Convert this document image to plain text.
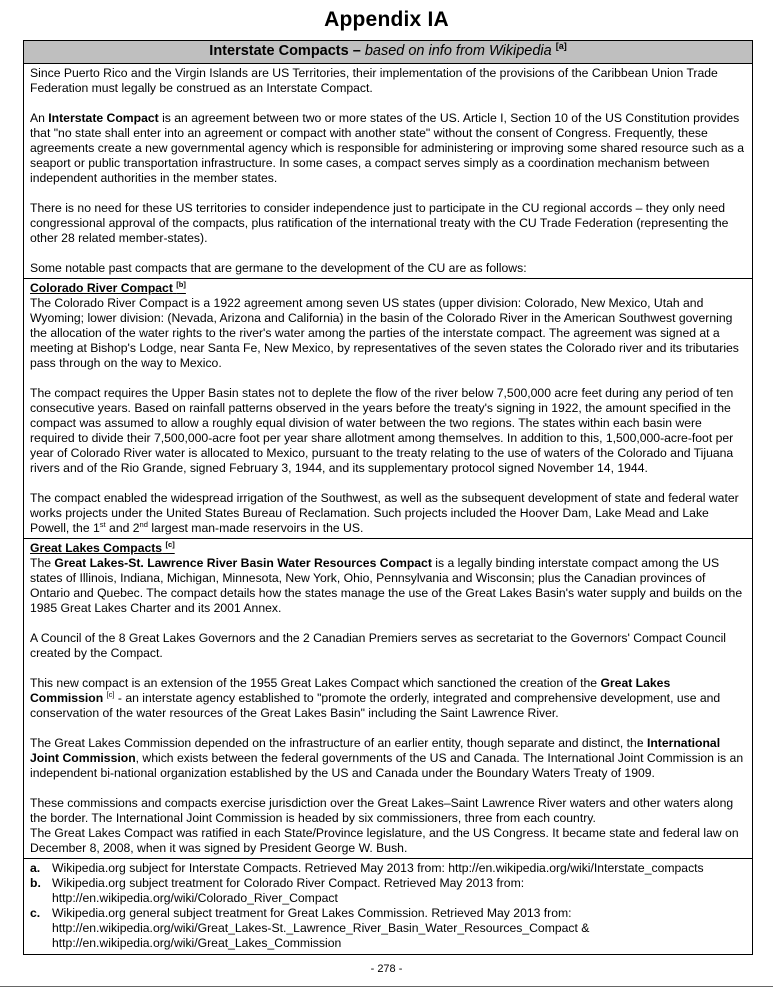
Appendix IA
Interstate Compacts – based on info from Wikipedia [a]

Since Puerto Rico and the Virgin Islands are US Territories, their implementation of the provisions of the Caribbean Union Trade Federation must legally be construed as an Interstate Compact.

An Interstate Compact is an agreement between two or more states of the US. Article I, Section 10 of the US Constitution provides that "no state shall enter into an agreement or compact with another state" without the consent of Congress. Frequently, these agreements create a new governmental agency which is responsible for administering or improving some shared resource such as a seaport or public transportation infrastructure. In some cases, a compact serves simply as a coordination mechanism between independent authorities in the member states.

There is no need for these US territories to consider independence just to participate in the CU regional accords – they only need congressional approval of the compacts, plus ratification of the international treaty with the CU Trade Federation (representing the other 28 related member-states).

Some notable past compacts that are germane to the development of the CU are as follows:

Colorado River Compact [b]

The Colorado River Compact is a 1922 agreement among seven US states (upper division: Colorado, New Mexico, Utah and Wyoming; lower division: (Nevada, Arizona and California) in the basin of the Colorado River in the American Southwest governing the allocation of the water rights to the river's water among the parties of the interstate compact. The agreement was signed at a meeting at Bishop's Lodge, near Santa Fe, New Mexico, by representatives of the seven states the Colorado river and its tributaries pass through on the way to Mexico.

The compact requires the Upper Basin states not to deplete the flow of the river below 7,500,000 acre feet during any period of ten consecutive years. Based on rainfall patterns observed in the years before the treaty's signing in 1922, the amount specified in the compact was assumed to allow a roughly equal division of water between the two regions. The states within each basin were required to divide their 7,500,000-acre foot per year share allotment among themselves. In addition to this, 1,500,000-acre-foot per year of Colorado River water is allocated to Mexico, pursuant to the treaty relating to the use of waters of the Colorado and Tijuana rivers and of the Rio Grande, signed February 3, 1944, and its supplementary protocol signed November 14, 1944.

The compact enabled the widespread irrigation of the Southwest, as well as the subsequent development of state and federal water works projects under the United States Bureau of Reclamation. Such projects included the Hoover Dam, Lake Mead and Lake Powell, the 1st and 2nd largest man-made reservoirs in the US.

Great Lakes Compacts [c]

The Great Lakes-St. Lawrence River Basin Water Resources Compact is a legally binding interstate compact among the US states of Illinois, Indiana, Michigan, Minnesota, New York, Ohio, Pennsylvania and Wisconsin; plus the Canadian provinces of Ontario and Quebec. The compact details how the states manage the use of the Great Lakes Basin's water supply and builds on the 1985 Great Lakes Charter and its 2001 Annex.

A Council of the 8 Great Lakes Governors and the 2 Canadian Premiers serves as secretariat to the Governors' Compact Council created by the Compact.

This new compact is an extension of the 1955 Great Lakes Compact which sanctioned the creation of the Great Lakes Commission [c] - an interstate agency established to "promote the orderly, integrated and comprehensive development, use and conservation of the water resources of the Great Lakes Basin" including the Saint Lawrence River.

The Great Lakes Commission depended on the infrastructure of an earlier entity, though separate and distinct, the International Joint Commission, which exists between the federal governments of the US and Canada. The International Joint Commission is an independent bi-national organization established by the US and Canada under the Boundary Waters Treaty of 1909.

These commissions and compacts exercise jurisdiction over the Great Lakes–Saint Lawrence River waters and other waters along the border. The International Joint Commission is headed by six commissioners, three from each country.
The Great Lakes Compact was ratified in each State/Province legislature, and the US Congress. It became state and federal law on December 8, 2008, when it was signed by President George W. Bush.

a. Wikipedia.org subject for Interstate Compacts. Retrieved May 2013 from: http://en.wikipedia.org/wiki/Interstate_compacts
b. Wikipedia.org subject treatment for Colorado River Compact. Retrieved May 2013 from: http://en.wikipedia.org/wiki/Colorado_River_Compact
c. Wikipedia.org general subject treatment for Great Lakes Commission. Retrieved May 2013 from: http://en.wikipedia.org/wiki/Great_Lakes-St._Lawrence_River_Basin_Water_Resources_Compact & http://en.wikipedia.org/wiki/Great_Lakes_Commission
- 278 -
